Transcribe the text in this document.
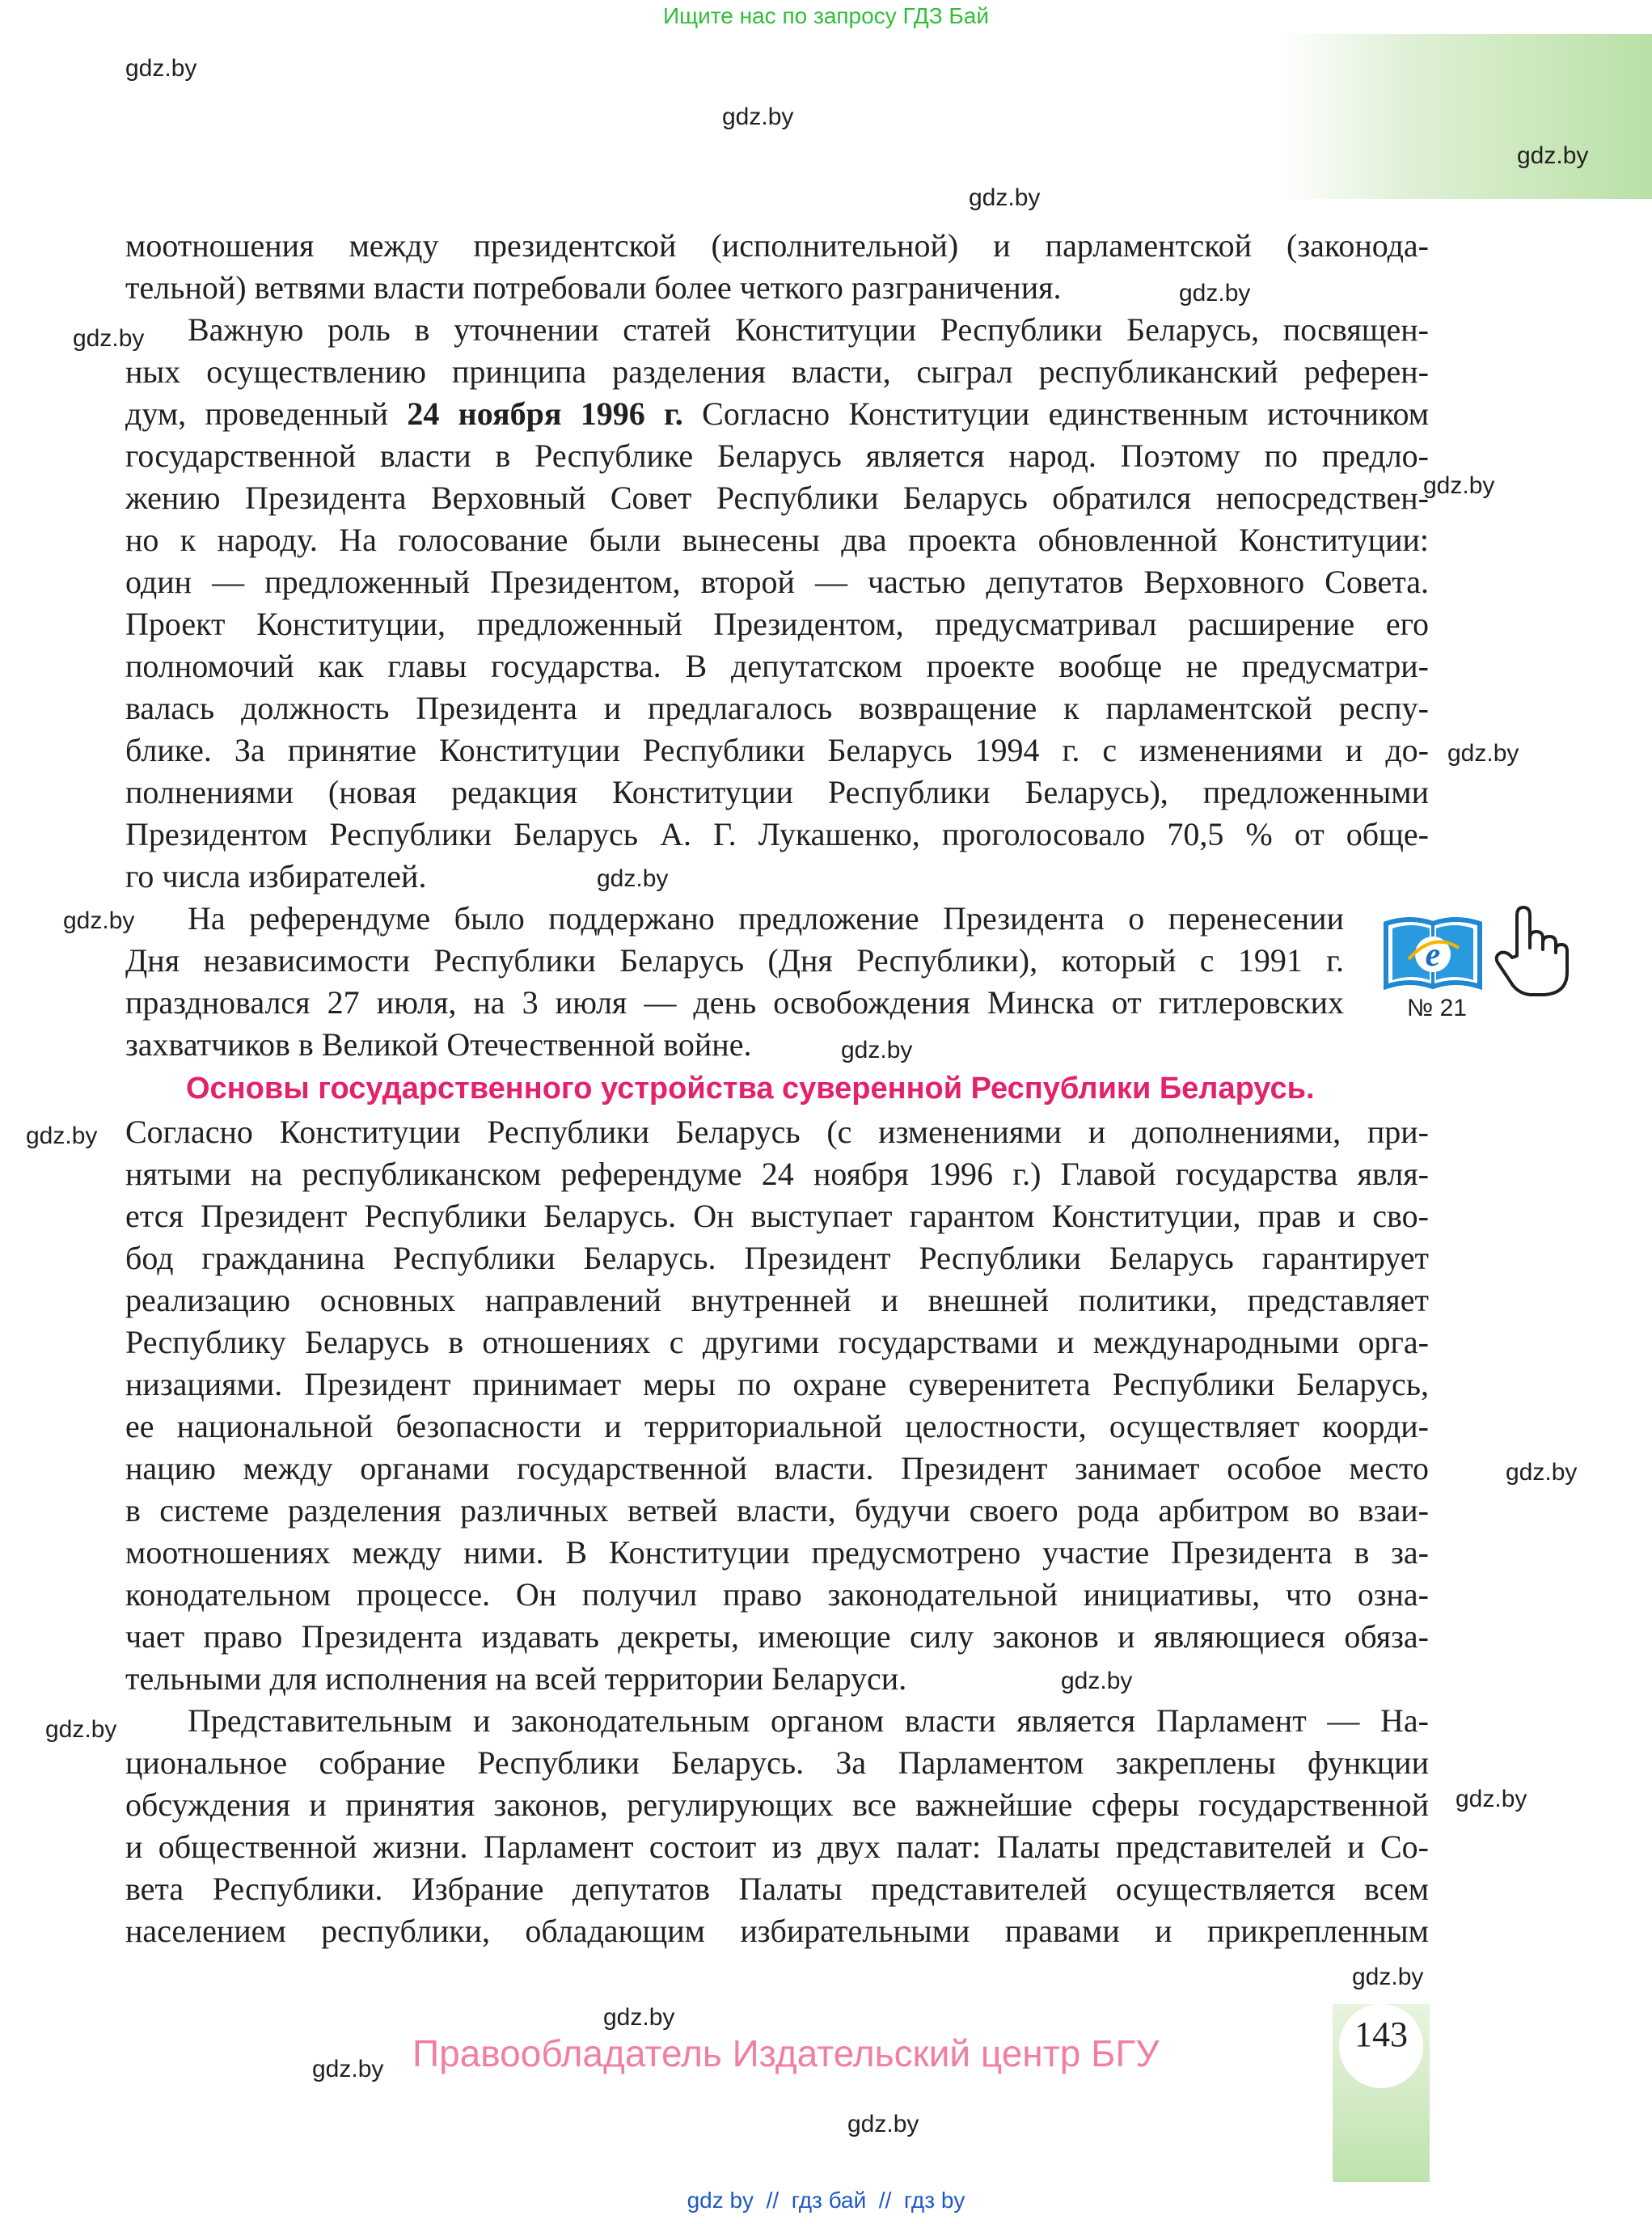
Ищите нас по запросу ГДЗ Бай
моотношения между президентской (исполнительной) и парламентской (законода-
тельной) ветвями власти потребовали более четкого разграничения.
Важную роль в уточнении статей Конституции Республики Беларусь, посвящен-
ных осуществлению принципа разделения власти, сыграл республиканский референ-
дум, проведенный 24 ноября 1996 г. Согласно Конституции единственным источником
государственной власти в Республике Беларусь является народ. Поэтому по предло-
жению Президента Верховный Совет Республики Беларусь обратился непосредствен-
но к народу. На голосование были вынесены два проекта обновленной Конституции:
один — предложенный Президентом, второй — частью депутатов Верховного Совета.
Проект Конституции, предложенный Президентом, предусматривал расширение его
полномочий как главы государства. В депутатском проекте вообще не предусматри-
валась должность Президента и предлагалось возвращение к парламентской респу-
блике. За принятие Конституции Республики Беларусь 1994 г. с изменениями и до-
полнениями (новая редакция Конституции Республики Беларусь), предложенными
Президентом Республики Беларусь А. Г. Лукашенко, проголосовало 70,5 % от обще-
го числа избирателей.
На референдуме было поддержано предложение Президента о перенесении
Дня независимости Республики Беларусь (Дня Республики), который с 1991 г.
праздновался 27 июля, на 3 июля — день освобождения Минска от гитлеровских
захватчиков в Великой Отечественной войне.
Основы государственного устройства суверенной Республики Беларусь.
Согласно Конституции Республики Беларусь (с изменениями и дополнениями, при-
нятыми на республиканском референдуме 24 ноября 1996 г.) Главой государства явля-
ется Президент Республики Беларусь. Он выступает гарантом Конституции, прав и сво-
бод гражданина Республики Беларусь. Президент Республики Беларусь гарантирует
реализацию основных направлений внутренней и внешней политики, представляет
Республику Беларусь в отношениях с другими государствами и международными орга-
низациями. Президент принимает меры по охране суверенитета Республики Беларусь,
ее национальной безопасности и территориальной целостности, осуществляет коорди-
нацию между органами государственной власти. Президент занимает особое место
в системе разделения различных ветвей власти, будучи своего рода арбитром во взаи-
моотношениях между ними. В Конституции предусмотрено участие Президента в за-
конодательном процессе. Он получил право законодательной инициативы, что озна-
чает право Президента издавать декреты, имеющие силу законов и являющиеся обяза-
тельными для исполнения на всей территории Беларуси.
Представительным и законодательным органом власти является Парламент — На-
циональное собрание Республики Беларусь. За Парламентом закреплены функции
обсуждения и принятия законов, регулирующих все важнейшие сферы государственной
и общественной жизни. Парламент состоит из двух палат: Палаты представителей и Со-
вета Республики. Избрание депутатов Палаты представителей осуществляется всем
населением республики, обладающим избирательными правами и прикрепленным
e
№ 21
gdz.by
gdz.by
gdz.by
gdz.by
gdz.by
gdz.by
gdz.by
gdz.by
gdz.by
gdz.by
gdz.by
gdz.by
gdz.by
gdz.by
gdz.by
gdz.by
gdz.by
gdz.by
gdz.by
gdz.by
143
Правообладатель Издательский центр БГУ
gdz by  //  гдз бай  //  гдз by
